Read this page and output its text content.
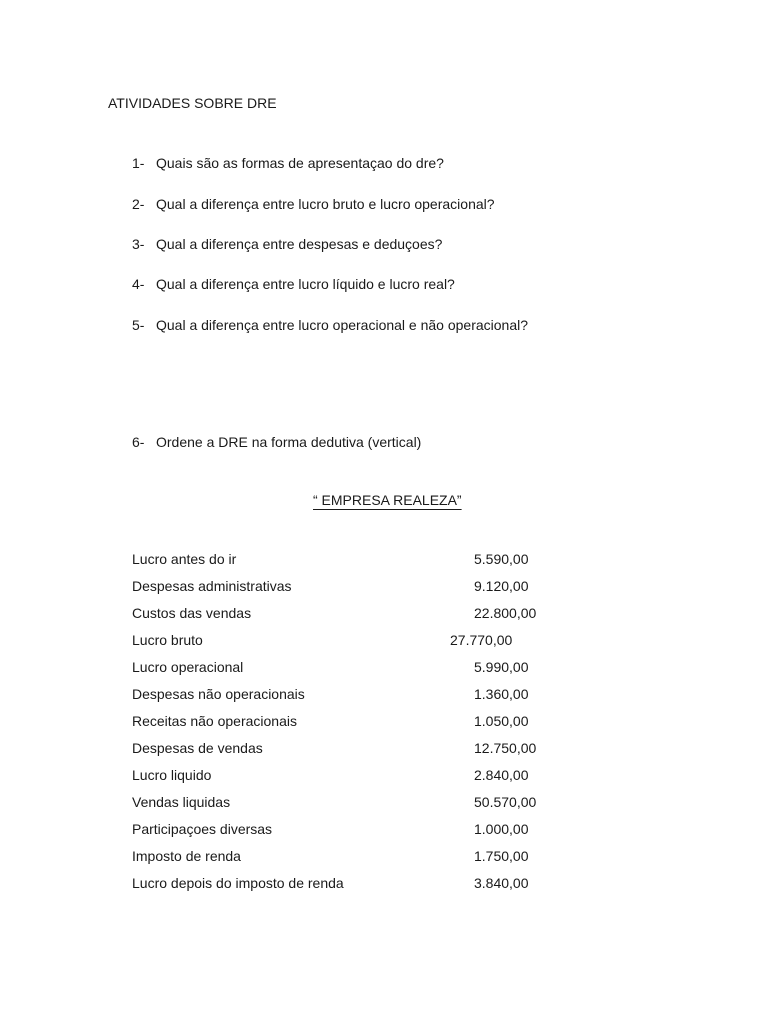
ATIVIDADES SOBRE DRE
1- Quais são as formas de apresentaçao do dre?
2- Qual a diferença entre lucro bruto e lucro operacional?
3- Qual a diferença entre despesas e deduçoes?
4- Qual a diferença entre lucro líquido e lucro real?
5- Qual a diferença entre lucro operacional e não operacional?
6- Ordene a DRE na forma dedutiva (vertical)
“ EMPRESA REALEZA”
Lucro antes do ir	5.590,00
Despesas administrativas	9.120,00
Custos das vendas	22.800,00
Lucro bruto	27.770,00
Lucro operacional	5.990,00
Despesas não operacionais	1.360,00
Receitas não operacionais	1.050,00
Despesas de vendas	12.750,00
Lucro liquido	2.840,00
Vendas liquidas	50.570,00
Participaçoes diversas	1.000,00
Imposto de renda	1.750,00
Lucro depois do imposto de renda	3.840,00
